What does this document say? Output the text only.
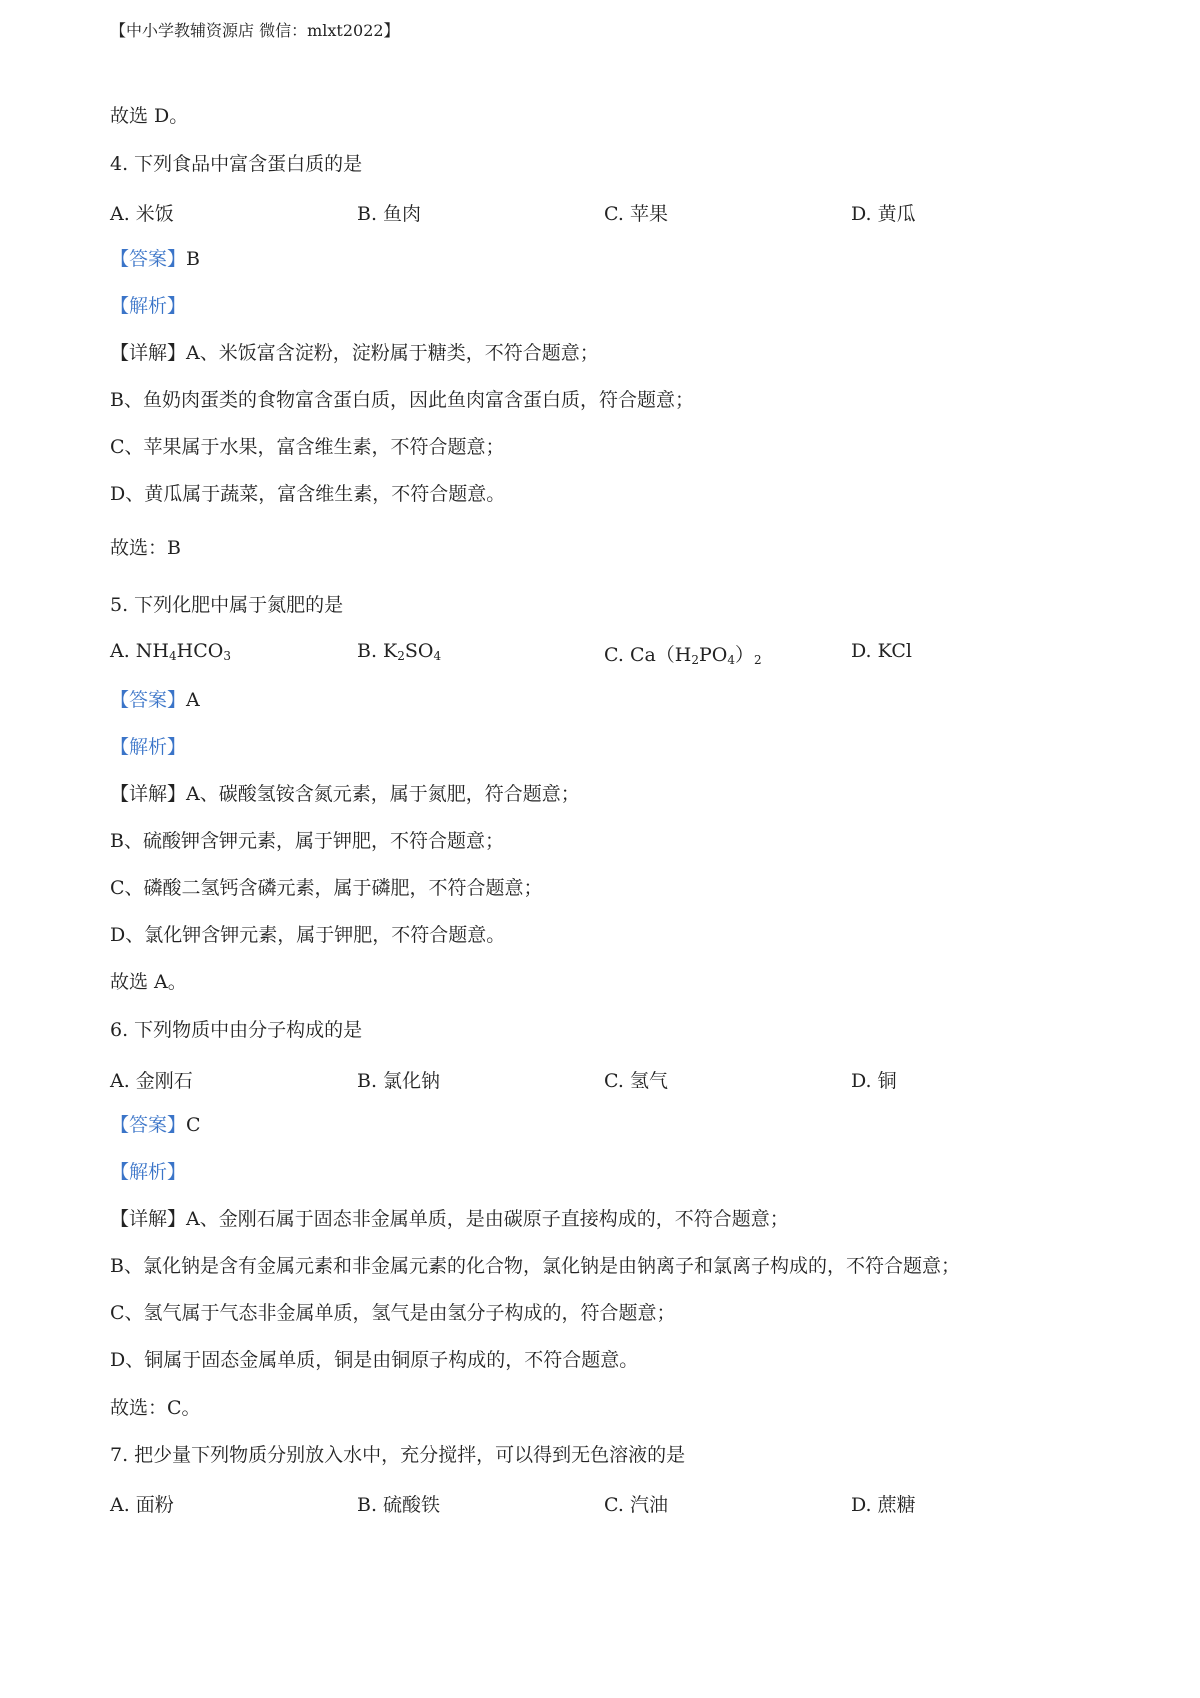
【中小学教辅资源店 微信：mlxt2022】
故选 D。
4. 下列食品中富含蛋白质的是
A. 米饭	B. 鱼肉	C. 苹果	D. 黄瓜
【答案】B
【解析】
【详解】A、米饭富含淀粉，淀粉属于糖类，不符合题意；
B、鱼奶肉蛋类的食物富含蛋白质，因此鱼肉富含蛋白质，符合题意；
C、苹果属于水果，富含维生素，不符合题意；
D、黄瓜属于蔬菜，富含维生素，不符合题意。
故选：B
5. 下列化肥中属于氮肥的是
A. $NH_4HCO_3$	B. $K_2SO_4$	C. $Ca(H_2PO_4)_2$	D. KCl
【答案】A
【解析】
【详解】A、碳酸氢铵含氮元素，属于氮肥，符合题意；
B、硫酸钾含钾元素，属于钾肥，不符合题意；
C、磷酸二氢钙含磷元素，属于磷肥，不符合题意；
D、氯化钾含钾元素，属于钾肥，不符合题意。
故选 A。
6. 下列物质中由分子构成的是
A. 金刚石	B. 氯化钠	C. 氢气	D. 铜
【答案】C
【解析】
【详解】A、金刚石属于固态非金属单质，是由碳原子直接构成的，不符合题意；
B、氯化钠是含有金属元素和非金属元素的化合物，氯化钠是由钠离子和氯离子构成的，不符合题意；
C、氢气属于气态非金属单质，氢气是由氢分子构成的，符合题意；
D、铜属于固态金属单质，铜是由铜原子构成的，不符合题意。
故选：C。
7. 把少量下列物质分别放入水中，充分搅拌，可以得到无色溶液的是
A. 面粉	B. 硫酸铁	C. 汽油	D. 蔗糖
